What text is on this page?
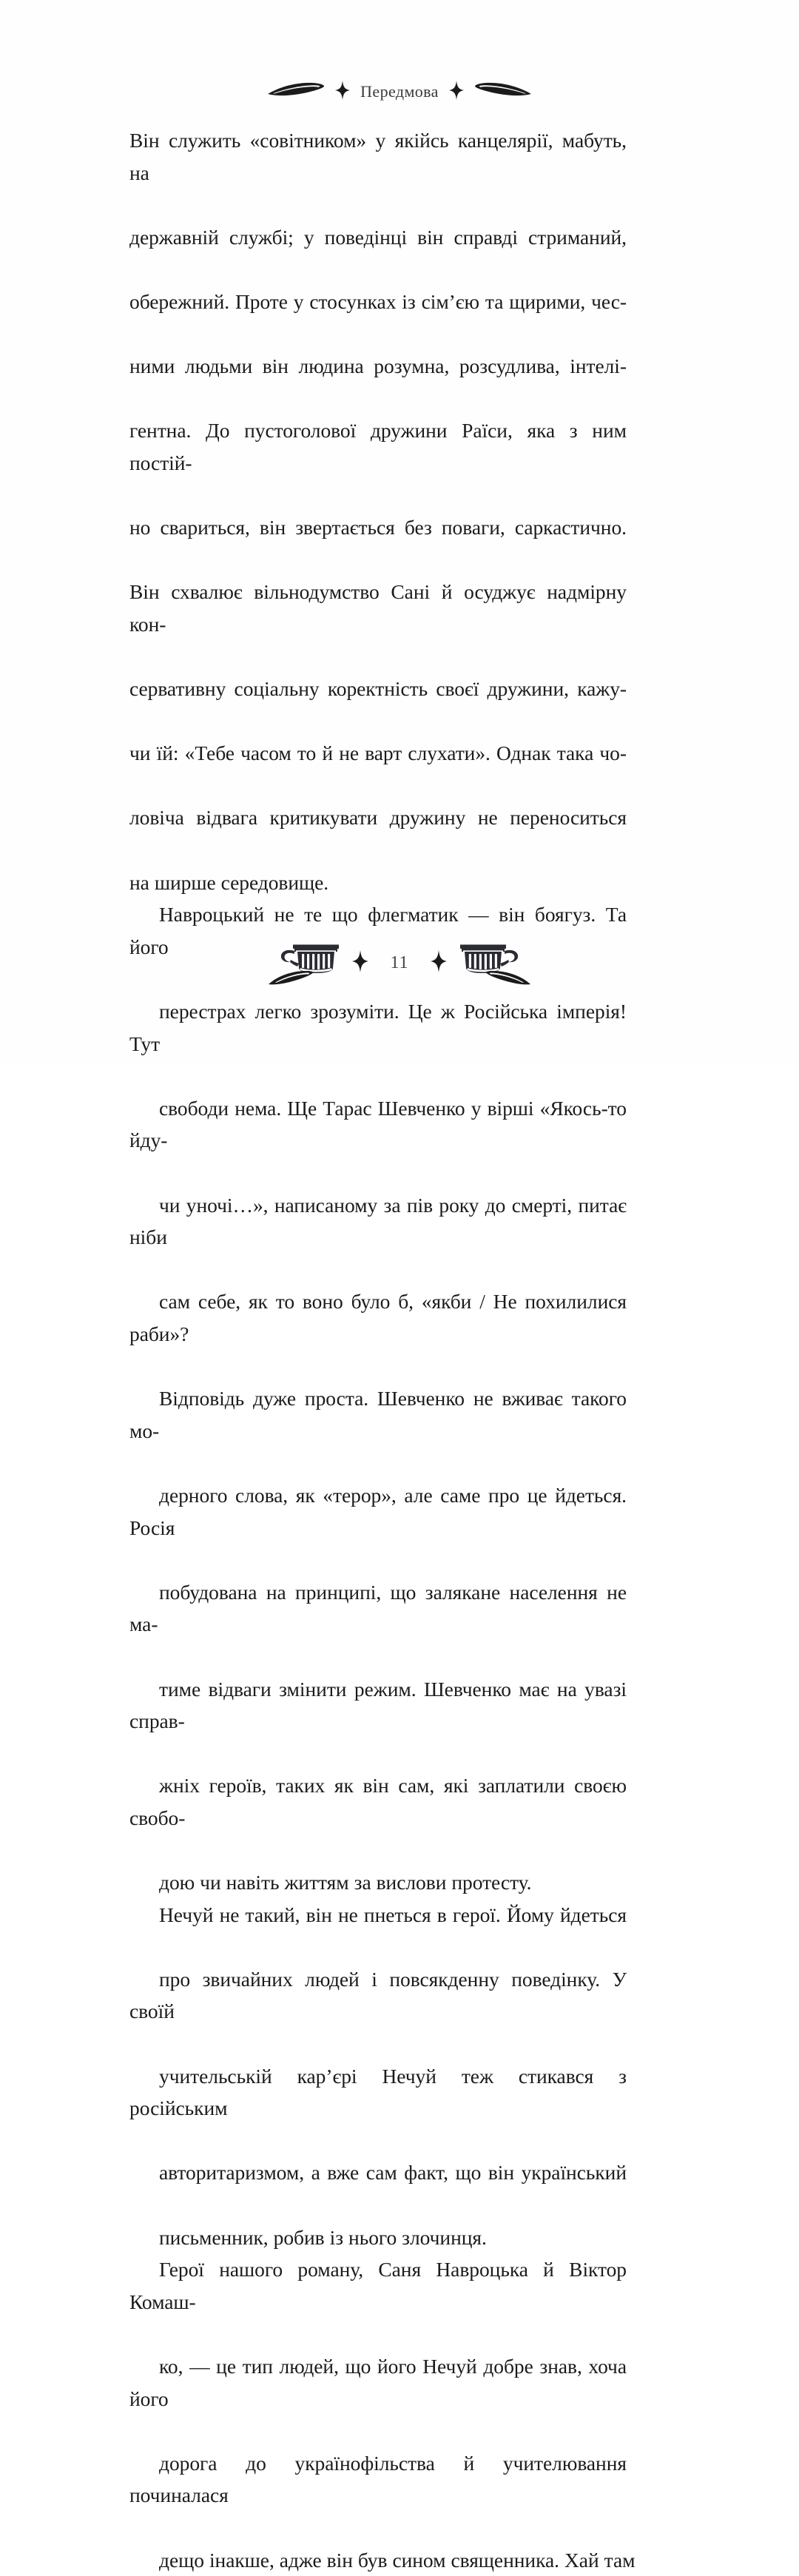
Передмова

Він служить «совітником» у якійсь канцелярії, мабуть, на
державній службі; у поведінці він справді стриманий,
обережний. Проте у стосунках із сім’єю та щирими, чес-
ними людьми він людина розумна, розсудлива, інтелі-
гентна. До пустоголової дружини Раїси, яка з ним постій-
но свариться, він звертається без поваги, саркастично.
Він схвалює вільнодумство Сані й осуджує надмірну кон-
сервативну соціальну коректність своєї дружини, кажу-
чи їй: «Тебе часом то й не варт слухати». Однак така чо-
ловіча відвага критикувати дружину не переноситься
на ширше середовище.

Навроцький не те що флегматик — він боягуз. Та його
перестрах легко зрозуміти. Це ж Російська імперія! Тут
свободи нема. Ще Тарас Шевченко у вірші «Якось-то йду-
чи уночі…», написаному за пів року до смерті, питає ніби
сам себе, як то воно було б, «якби / Не похилилися раби»?
Відповідь дуже проста. Шевченко не вживає такого мо-
дерного слова, як «терор», але саме про це йдеться. Росія
побудована на принципі, що залякане населення не ма-
тиме відваги змінити режим. Шевченко має на увазі справ-
жніх героїв, таких як він сам, які заплатили своєю свобо-
дою чи навіть життям за вислови протесту.

Нечуй не такий, він не пнеться в герої. Йому йдеться
про звичайних людей і повсякденну поведінку. У своїй
учительській кар’єрі Нечуй теж стикався з російським
авторитаризмом, а вже сам факт, що він український
письменник, робив із нього злочинця.

Герої нашого роману, Саня Навроцька й Віктор Комаш-
ко, — це тип людей, що його Нечуй добре знав, хоча його
дорога до українофільства й учителювання починалася
дещо інакше, адже він був сином священника. Хай там

11
